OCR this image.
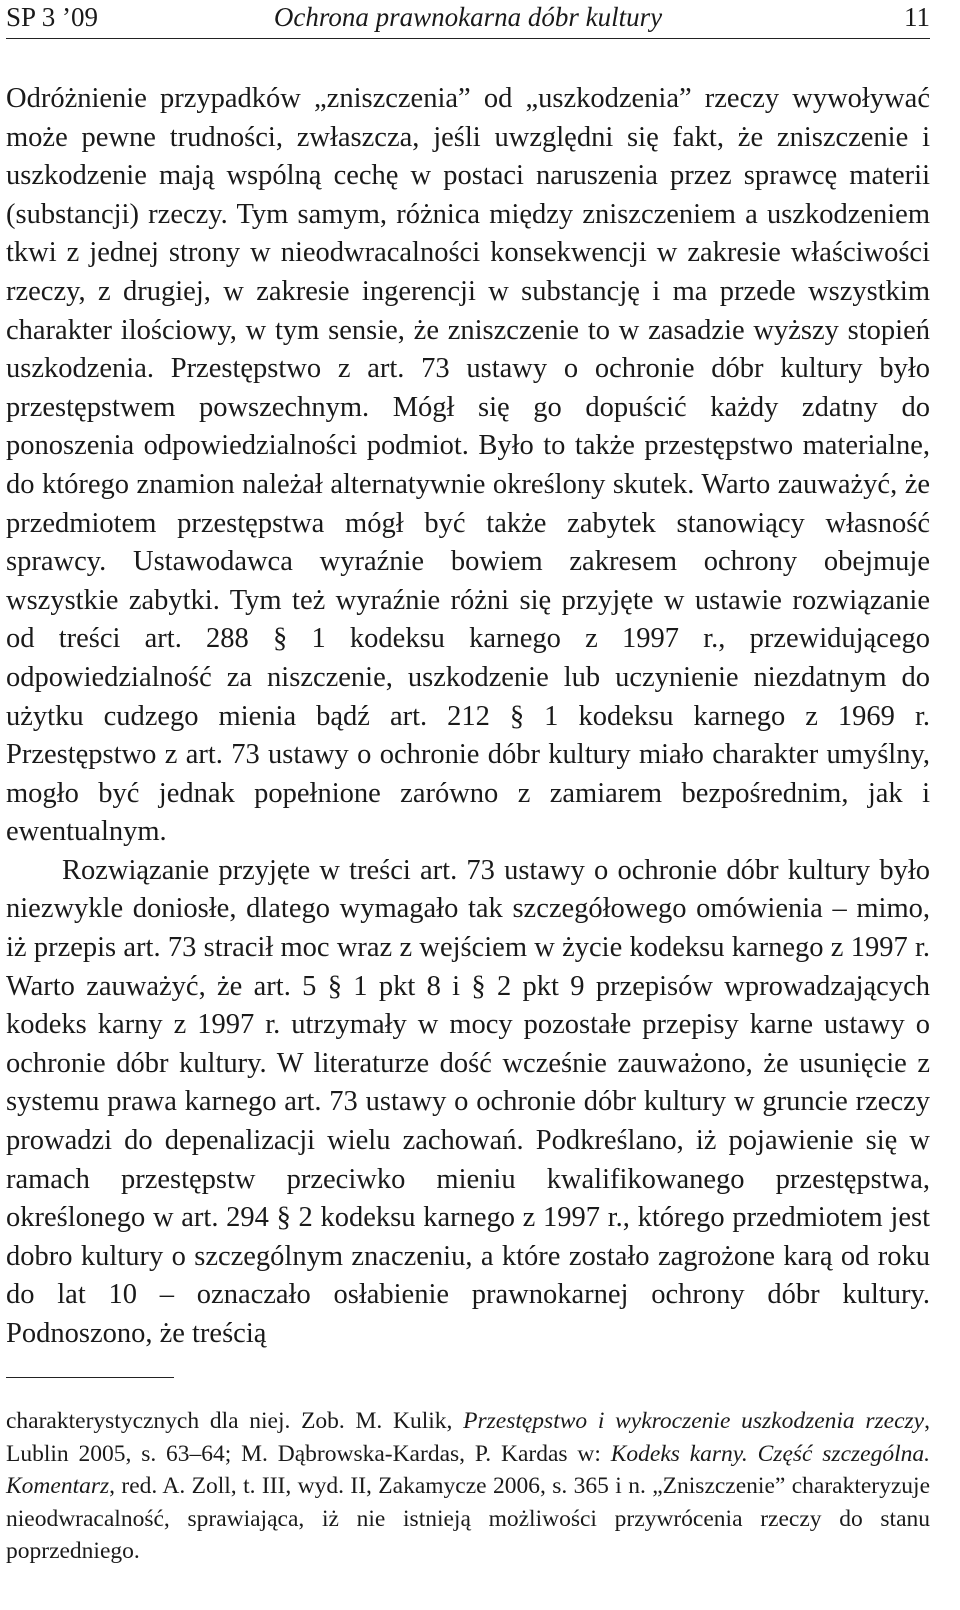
SP 3 ’09	Ochrona prawnokarna dóbr kultury	11

Odróżnienie przypadków „zniszczenia” od „uszkodzenia” rzeczy wywoływać może pewne trudności, zwłaszcza, jeśli uwzględni się fakt, że zniszczenie i uszkodzenie mają wspólną cechę w postaci naruszenia przez sprawcę materii (substancji) rzeczy. Tym samym, różnica między zniszczeniem a uszkodzeniem tkwi z jednej strony w nieodwracalności konsekwencji w zakresie właściwości rzeczy, z drugiej, w zakresie ingerencji w substancję i ma przede wszystkim charakter ilościowy, w tym sensie, że zniszczenie to w zasadzie wyższy stopień uszkodzenia. Przestępstwo z art. 73 ustawy o ochronie dóbr kultury było przestępstwem powszechnym. Mógł się go dopuścić każdy zdatny do ponoszenia odpowiedzialności podmiot. Było to także przestępstwo materialne, do którego znamion należał alternatywnie określony skutek. Warto zauważyć, że przedmiotem przestępstwa mógł być także zabytek stanowiący własność sprawcy. Ustawodawca wyraźnie bowiem zakresem ochrony obejmuje wszystkie zabytki. Tym też wyraźnie różni się przyjęte w ustawie rozwiązanie od treści art. 288 § 1 kodeksu karnego z 1997 r., przewidującego odpowiedzialność za niszczenie, uszkodzenie lub uczynienie niezdatnym do użytku cudzego mienia bądź art. 212 § 1 kodeksu karnego z 1969 r. Przestępstwo z art. 73 ustawy o ochronie dóbr kultury miało charakter umyślny, mogło być jednak popełnione zarówno z zamiarem bezpośrednim, jak i ewentualnym.

Rozwiązanie przyjęte w treści art. 73 ustawy o ochronie dóbr kultury było niezwykle doniosłe, dlatego wymagało tak szczegółowego omówienia – mimo, iż przepis art. 73 stracił moc wraz z wejściem w życie kodeksu karnego z 1997 r. Warto zauważyć, że art. 5 § 1 pkt 8 i § 2 pkt 9 przepisów wprowadzających kodeks karny z 1997 r. utrzymały w mocy pozostałe przepisy karne ustawy o ochronie dóbr kultury. W literaturze dość wcześnie zauważono, że usunięcie z systemu prawa karnego art. 73 ustawy o ochronie dóbr kultury w gruncie rzeczy prowadzi do depenalizacji wielu zachowań. Podkreślano, iż pojawienie się w ramach przestępstw przeciwko mieniu kwalifikowanego przestępstwa, określonego w art. 294 § 2 kodeksu karnego z 1997 r., którego przedmiotem jest dobro kultury o szczególnym znaczeniu, a które zostało zagrożone karą od roku do lat 10 – oznaczało osłabienie prawnokarnej ochrony dóbr kultury. Podnoszono, że treścią

charakterystycznych dla niej. Zob. M. Kulik, Przestępstwo i wykroczenie uszkodzenia rzeczy, Lublin 2005, s. 63–64; M. Dąbrowska-Kardas, P. Kardas w: Kodeks karny. Część szczególna. Komentarz, red. A. Zoll, t. III, wyd. II, Zakamycze 2006, s. 365 i n. „Zniszczenie” charakteryzuje nieodwracalność, sprawiająca, iż nie istnieją możliwości przywrócenia rzeczy do stanu poprzedniego.
